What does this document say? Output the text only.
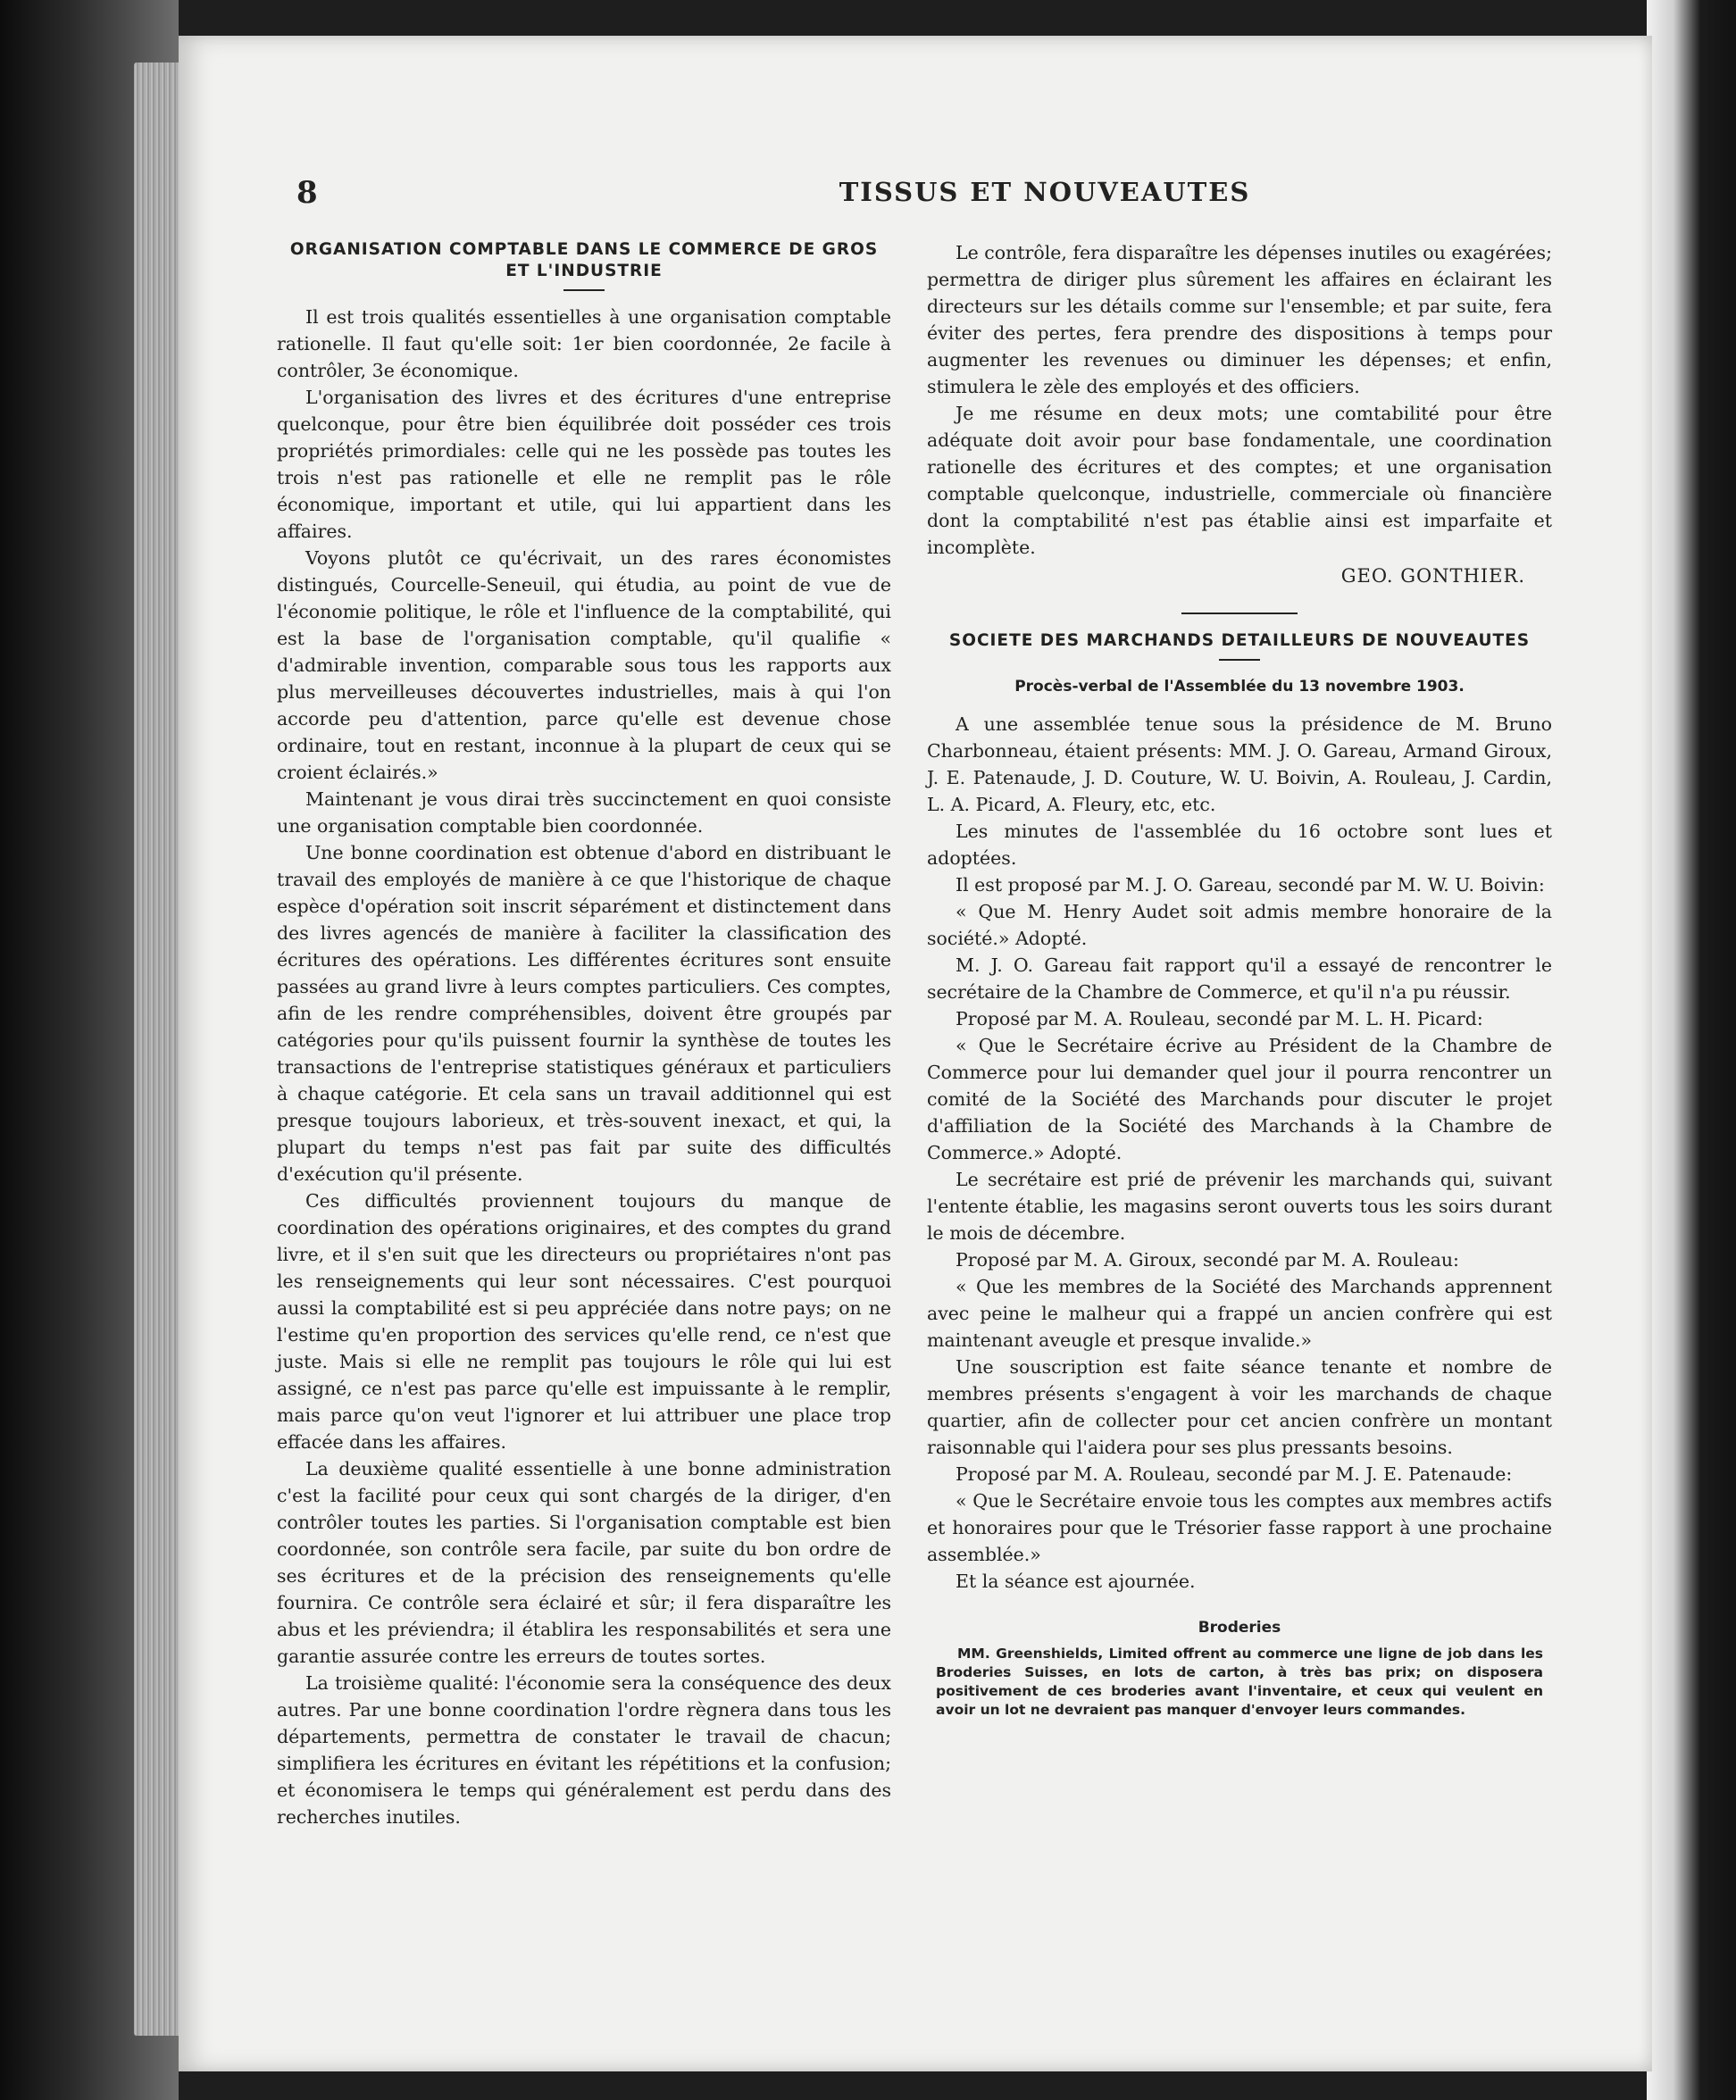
8	TISSUS ET NOUVEAUTES
ORGANISATION COMPTABLE DANS LE COMMERCE DE GROS ET L'INDUSTRIE

Il est trois qualités essentielles à une organisation comptable rationelle. Il faut qu'elle soit: 1er bien coordonnée, 2e facile à contrôler, 3e économique.

L'organisation des livres et des écritures d'une entreprise quelconque, pour être bien équilibrée doit posséder ces trois propriétés primordiales: celle qui ne les possède pas toutes les trois n'est pas rationelle et elle ne remplit pas le rôle économique, important et utile, qui lui appartient dans les affaires.

Voyons plutôt ce qu'écrivait, un des rares économistes distingués, Courcelle-Seneuil, qui étudia, au point de vue de l'économie politique, le rôle et l'influence de la comptabilité, qui est la base de l'organisation comptable, qu'il qualifie « d'admirable invention, comparable sous tous les rapports aux plus merveilleuses découvertes industrielles, mais à qui l'on accorde peu d'attention, parce qu'elle est devenue chose ordinaire, tout en restant, inconnue à la plupart de ceux qui se croient éclairés.»

Maintenant je vous dirai très succinctement en quoi consiste une organisation comptable bien coordonnée.

Une bonne coordination est obtenue d'abord en distribuant le travail des employés de manière à ce que l'historique de chaque espèce d'opération soit inscrit séparément et distinctement dans des livres agencés de manière à faciliter la classification des écritures des opérations. Les différentes écritures sont ensuite passées au grand livre à leurs comptes particuliers. Ces comptes, afin de les rendre compréhensibles, doivent être groupés par catégories pour qu'ils puissent fournir la synthèse de toutes les transactions de l'entreprise statistiques généraux et particuliers à chaque catégorie. Et cela sans un travail additionnel qui est presque toujours laborieux, et très-souvent inexact, et qui, la plupart du temps n'est pas fait par suite des difficultés d'exécution qu'il présente.

Ces difficultés proviennent toujours du manque de coordination des opérations originaires, et des comptes du grand livre, et il s'en suit que les directeurs ou propriétaires n'ont pas les renseignements qui leur sont nécessaires. C'est pourquoi aussi la comptabilité est si peu appréciée dans notre pays; on ne l'estime qu'en proportion des services qu'elle rend, ce n'est que juste. Mais si elle ne remplit pas toujours le rôle qui lui est assigné, ce n'est pas parce qu'elle est impuissante à le remplir, mais parce qu'on veut l'ignorer et lui attribuer une place trop effacée dans les affaires.

La deuxième qualité essentielle à une bonne administration c'est la facilité pour ceux qui sont chargés de la diriger, d'en contrôler toutes les parties. Si l'organisation comptable est bien coordonnée, son contrôle sera facile, par suite du bon ordre de ses écritures et de la précision des renseignements qu'elle fournira. Ce contrôle sera éclairé et sûr; il fera disparaître les abus et les préviendra; il établira les responsabilités et sera une garantie assurée contre les erreurs de toutes sortes.

La troisième qualité: l'économie sera la conséquence des deux autres. Par une bonne coordination l'ordre règnera dans tous les départements, permettra de constater le travail de chacun; simplifiera les écritures en évitant les répétitions et la confusion; et économisera le temps qui généralement est perdu dans des recherches inutiles.

Le contrôle, fera disparaître les dépenses inutiles ou exagérées; permettra de diriger plus sûrement les affaires en éclairant les directeurs sur les détails comme sur l'ensemble; et par suite, fera éviter des pertes, fera prendre des dispositions à temps pour augmenter les revenues ou diminuer les dépenses; et enfin, stimulera le zèle des employés et des officiers.

Je me résume en deux mots; une comtabilité pour être adéquate doit avoir pour base fondamentale, une coordination rationelle des écritures et des comptes; et une organisation comptable quelconque, industrielle, commerciale où financière dont la comptabilité n'est pas établie ainsi est imparfaite et incomplète.

GEO. GONTHIER.
SOCIETE DES MARCHANDS DETAILLEURS DE NOUVEAUTES
Procès-verbal de l'Assemblée du 13 novembre 1903.

A une assemblée tenue sous la présidence de M. Bruno Charbonneau, étaient présents: MM. J. O. Gareau, Armand Giroux, J. E. Patenaude, J. D. Couture, W. U. Boivin, A. Rouleau, J. Cardin, L. A. Picard, A. Fleury, etc, etc.

Les minutes de l'assemblée du 16 octobre sont lues et adoptées.

Il est proposé par M. J. O. Gareau, secondé par M. W. U. Boivin:

« Que M. Henry Audet soit admis membre honoraire de la société.» Adopté.

M. J. O. Gareau fait rapport qu'il a essayé de rencontrer le secrétaire de la Chambre de Commerce, et qu'il n'a pu réussir.

Proposé par M. A. Rouleau, secondé par M. L. H. Picard:

« Que le Secrétaire écrive au Président de la Chambre de Commerce pour lui demander quel jour il pourra rencontrer un comité de la Société des Marchands pour discuter le projet d'affiliation de la Société des Marchands à la Chambre de Commerce.» Adopté.

Le secrétaire est prié de prévenir les marchands qui, suivant l'entente établie, les magasins seront ouverts tous les soirs durant le mois de décembre.

Proposé par M. A. Giroux, secondé par M. A. Rouleau:

« Que les membres de la Société des Marchands apprennent avec peine le malheur qui a frappé un ancien confrère qui est maintenant aveugle et presque invalide.»

Une souscription est faite séance tenante et nombre de membres présents s'engagent à voir les marchands de chaque quartier, afin de collecter pour cet ancien confrère un montant raisonnable qui l'aidera pour ses plus pressants besoins.

Proposé par M. A. Rouleau, secondé par M. J. E. Patenaude:

« Que le Secrétaire envoie tous les comptes aux membres actifs et honoraires pour que le Trésorier fasse rapport à une prochaine assemblée.»

Et la séance est ajournée.

Broderies
MM. Greenshields, Limited offrent au commerce une ligne de job dans les Broderies Suisses, en lots de carton, à très bas prix; on disposera positivement de ces broderies avant l'inventaire, et ceux qui veulent en avoir un lot ne devraient pas manquer d'envoyer leurs commandes.
